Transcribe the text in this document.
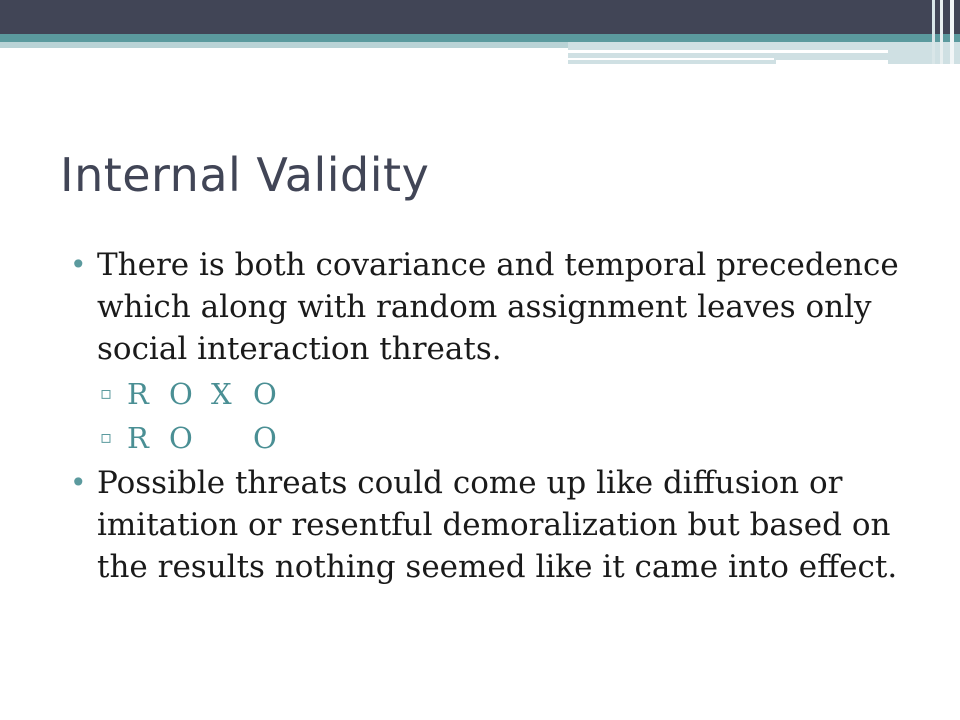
Internal Validity

• There is both covariance and temporal precedence which along with random assignment leaves only social interaction threats.

▫ R O X O
▫ R O O

• Possible threats could come up like diffusion or imitation or resentful demoralization but based on the results nothing seemed like it came into effect.
